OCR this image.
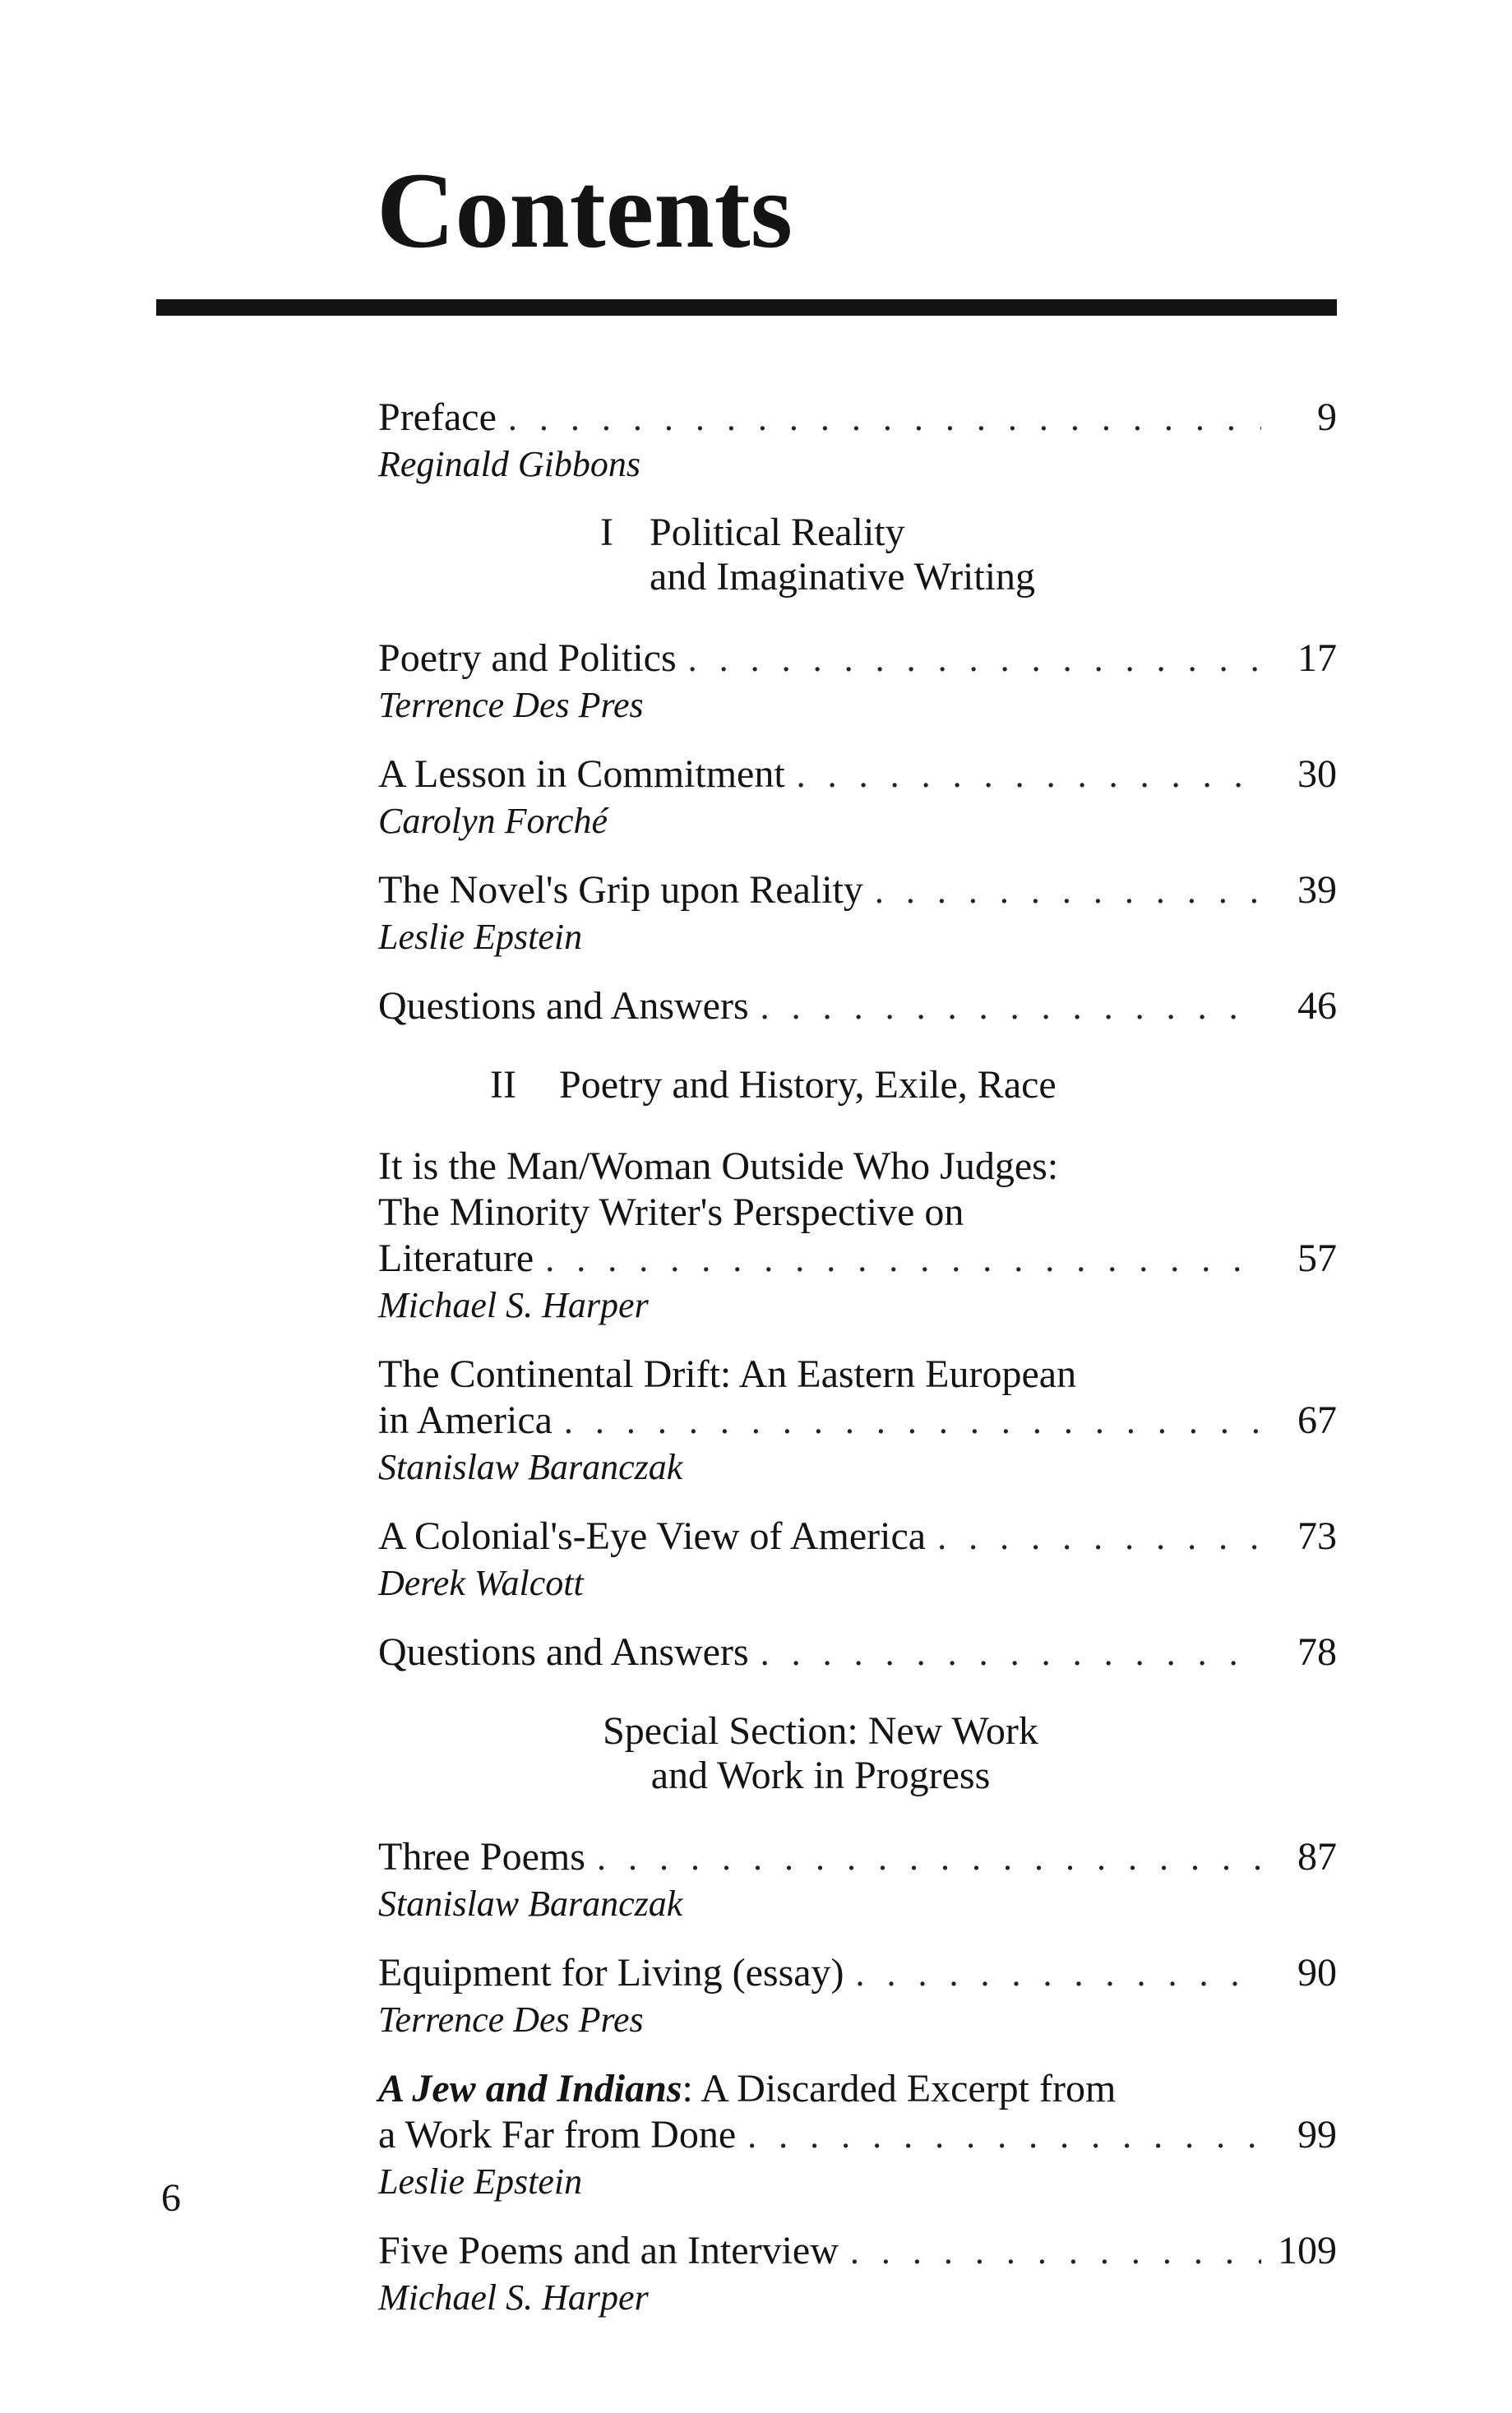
Contents
Preface . . .	9
Reginald Gibbons
I Political Reality
and Imaginative Writing
Poetry and Politics . . .	17
Terrence Des Pres
A Lesson in Commitment . . .	30
Carolyn Forché
The Novel's Grip upon Reality . . .	39
Leslie Epstein
Questions and Answers . . .	46
II Poetry and History, Exile, Race
It is the Man/Woman Outside Who Judges:
The Minority Writer's Perspective on
Literature . . .	57
Michael S. Harper
The Continental Drift: An Eastern European
in America . . .	67
Stanislaw Baranczak
A Colonial's-Eye View of America . . .	73
Derek Walcott
Questions and Answers . . .	78
Special Section: New Work
and Work in Progress
Three Poems . . .	87
Stanislaw Baranczak
Equipment for Living (essay) . . .	90
Terrence Des Pres
A Jew and Indians: A Discarded Excerpt from
a Work Far from Done . . .	99
Leslie Epstein
Five Poems and an Interview . . .	109
Michael S. Harper
6
